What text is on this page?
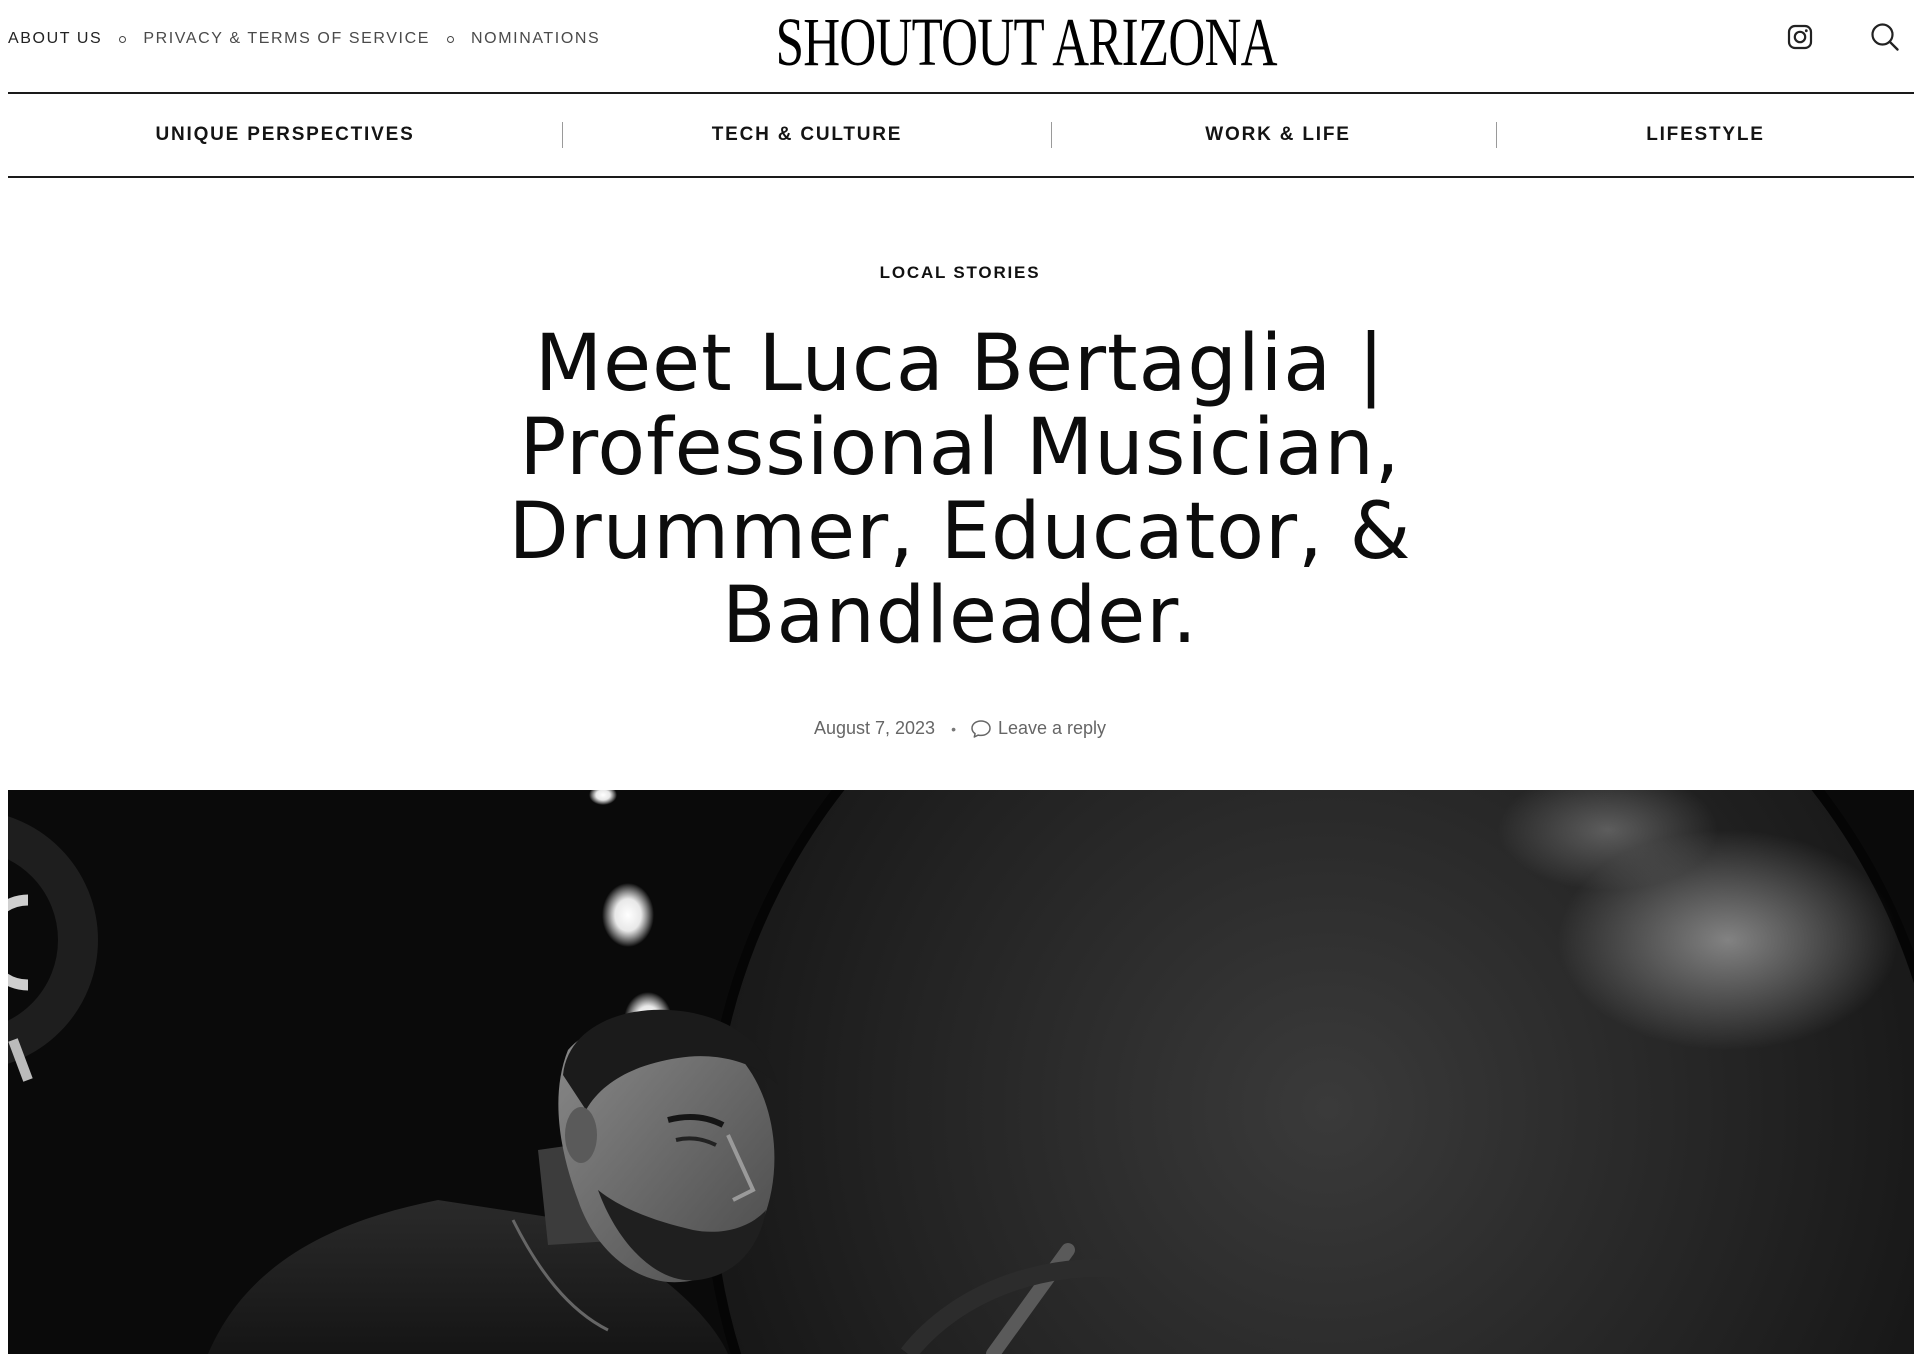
ABOUT US	PRIVACY & TERMS OF SERVICE	NOMINATIONS	SHOUTOUT ARIZONA
UNIQUE PERSPECTIVES	TECH & CULTURE	WORK & LIFE	LIFESTYLE
LOCAL STORIES
Meet Luca Bertaglia | Professional Musician, Drummer, Educator, & Bandleader.
August 7, 2023 • Leave a reply
